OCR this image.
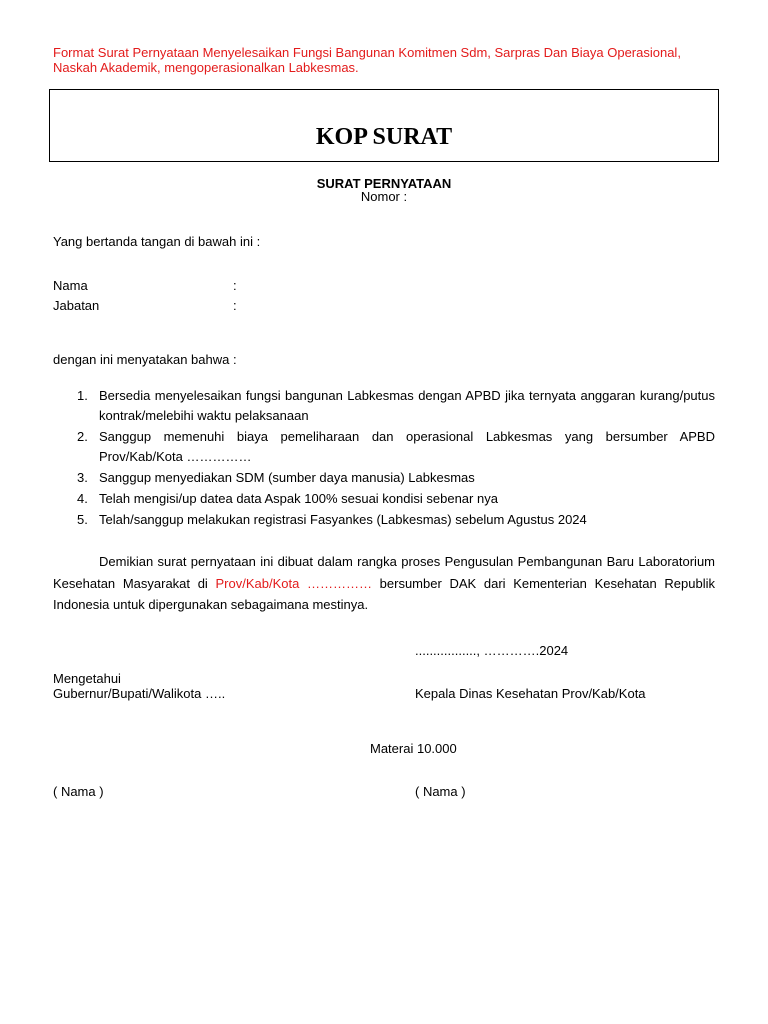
Format Surat Pernyataan Menyelesaikan Fungsi Bangunan Komitmen Sdm, Sarpras Dan Biaya Operasional, Naskah Akademik, mengoperasionalkan Labkesmas.
KOP SURAT
SURAT PERNYATAAN
Nomor :
Yang bertanda tangan di bawah ini :
Nama	:
Jabatan	:
dengan ini menyatakan bahwa :
1. Bersedia menyelesaikan fungsi bangunan Labkesmas dengan APBD jika ternyata anggaran kurang/putus kontrak/melebihi waktu pelaksanaan
2. Sanggup memenuhi biaya pemeliharaan dan operasional Labkesmas yang bersumber APBD Prov/Kab/Kota ……………
3. Sanggup menyediakan SDM (sumber daya manusia) Labkesmas
4. Telah mengisi/up datea data Aspak 100% sesuai kondisi sebenar nya
5. Telah/sanggup melakukan registrasi Fasyankes (Labkesmas) sebelum Agustus 2024
Demikian surat pernyataan ini dibuat dalam rangka proses Pengusulan Pembangunan Baru Laboratorium Kesehatan Masyarakat di Prov/Kab/Kota …………… bersumber DAK dari Kementerian Kesehatan Republik Indonesia untuk dipergunakan sebagaimana mestinya.
................., ………….2024
Mengetahui
Gubernur/Bupati/Walikota …..	Kepala Dinas Kesehatan Prov/Kab/Kota
Materai 10.000
( Nama )	( Nama )
